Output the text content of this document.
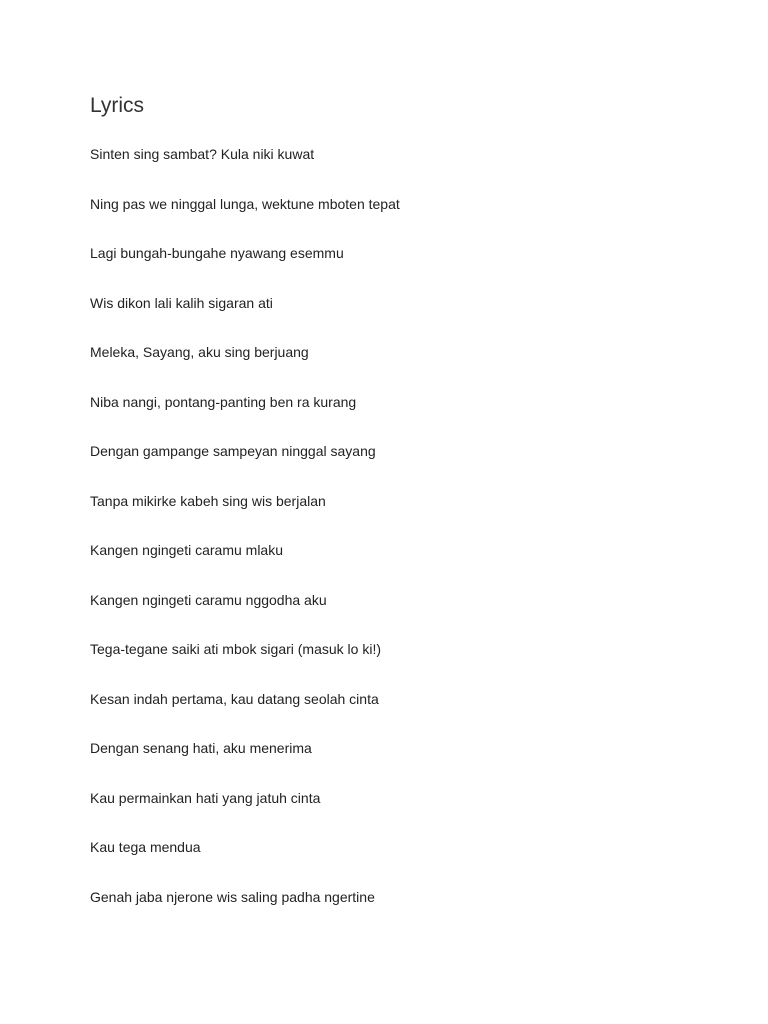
Lyrics
Sinten sing sambat? Kula niki kuwat
Ning pas we ninggal lunga, wektune mboten tepat
Lagi bungah-bungahe nyawang esemmu
Wis dikon lali kalih sigaran ati
Meleka, Sayang, aku sing berjuang
Niba nangi, pontang-panting ben ra kurang
Dengan gampange sampeyan ninggal sayang
Tanpa mikirke kabeh sing wis berjalan
Kangen ngingeti caramu mlaku
Kangen ngingeti caramu nggodha aku
Tega-tegane saiki ati mbok sigari (masuk lo ki!)
Kesan indah pertama, kau datang seolah cinta
Dengan senang hati, aku menerima
Kau permainkan hati yang jatuh cinta
Kau tega mendua
Genah jaba njerone wis saling padha ngertine
